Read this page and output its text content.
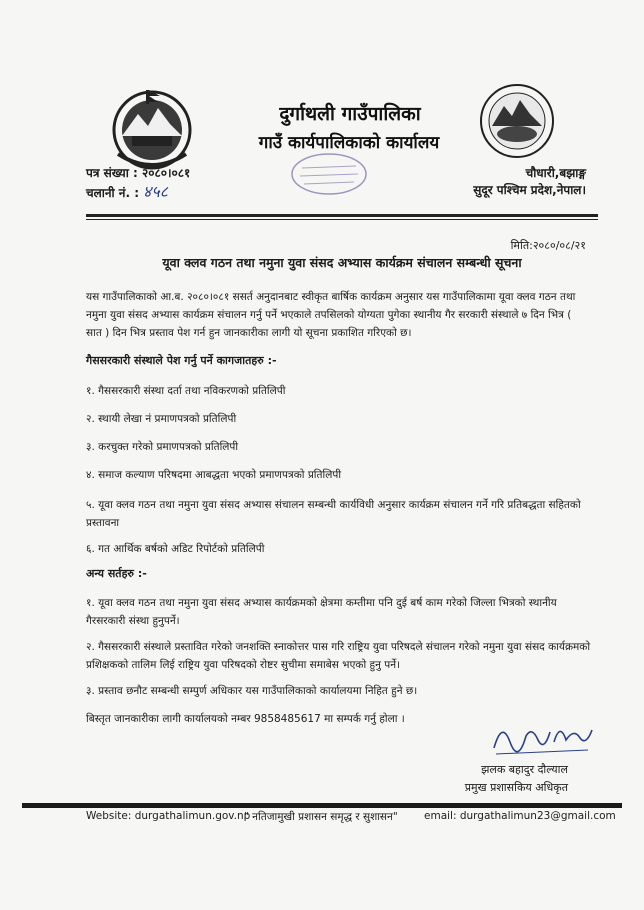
दुर्गाथली गाउँपालिका
गाउँ कार्यपालिकाको कार्यालय
पत्र संख्या : २०८०।०८१
चलानी नं. : ४५८
चौधारी,बझाङ्ग
सुदूर पश्चिम प्रदेश,नेपाल।
मिति:२०८०/०८/२१
यूवा क्लव गठन तथा नमुना युवा संसद अभ्यास कार्यक्रम संचालन सम्बन्धी सूचना
यस गाउँपालिकाको आ.ब. २०८०।०८१ ससर्त अनुदानबाट स्वीकृत बार्षिक कार्यक्रम अनुसार यस गाउँपालिकामा यूवा क्लव गठन तथा
नमुना युवा संसद अभ्यास कार्यक्रम संचालन गर्नु पर्ने भएकाले तपसिलको योग्यता पुगेका स्थानीय गैर सरकारी संस्थाले ७ दिन भित्र (
सात ) दिन भित्र प्रस्ताव पेश गर्न हुन जानकारीका लागी यो सूचना प्रकाशित गरिएको छ।
गैससरकारी संस्थाले पेश गर्नु पर्ने कागजातहरु :-
१. गैससरकारी संस्था दर्ता तथा नविकरणको प्रतिलिपी
२. स्थायी लेखा नं प्रमाणपत्रको प्रतिलिपी
३. करचुक्त गरेको प्रमाणपत्रको प्रतिलिपी
४. समाज कल्याण परिषदमा आबद्धता भएको प्रमाणपत्रको प्रतिलिपी
५. यूवा क्लव गठन तथा नमुना युवा संसद अभ्यास संचालन सम्बन्धी कार्यविधी अनुसार कार्यक्रम संचालन गर्ने गरि प्रतिबद्धता सहितको
प्रस्तावना
६. गत आर्थिक बर्षको अडिट रिपोर्टको प्रतिलिपी
अन्य सर्तहरु :-
१. यूवा क्लव गठन तथा नमुना युवा संसद अभ्यास कार्यक्रमको क्षेत्रमा कम्तीमा पनि दुई बर्ष काम गरेको जिल्ला भित्रको स्थानीय
गैरसरकारी संस्था हुनुपर्ने।
२. गैससरकारी संस्थाले प्रस्तावित गरेको जनशक्ति स्नाकोत्तर पास गरि राष्ट्रिय युवा परिषदले संचालन गरेको नमुना युवा संसद कार्यक्रमको
प्रशिक्षकको तालिम लिई राष्ट्रिय युवा परिषदको रोष्टर सुचीमा समाबेस भएको हुनु पर्ने।
३. प्रस्ताव छनौट सम्बन्धी सम्पुर्ण अधिकार यस गाउँपालिकाको कार्यालयमा निहित हुने छ।
बिस्तृत जानकारीका लागी कार्यालयको नम्बर 9858485617 मा सम्पर्क गर्नु होला ।
झलक बहादुर दौल्याल
प्रमुख प्रशासकिय अधिकृत
Website: durgathalimun.gov.np
" नतिजामुखी प्रशासन समृद्ध र सुशासन"	email: durgathalimun23@gmail.com
